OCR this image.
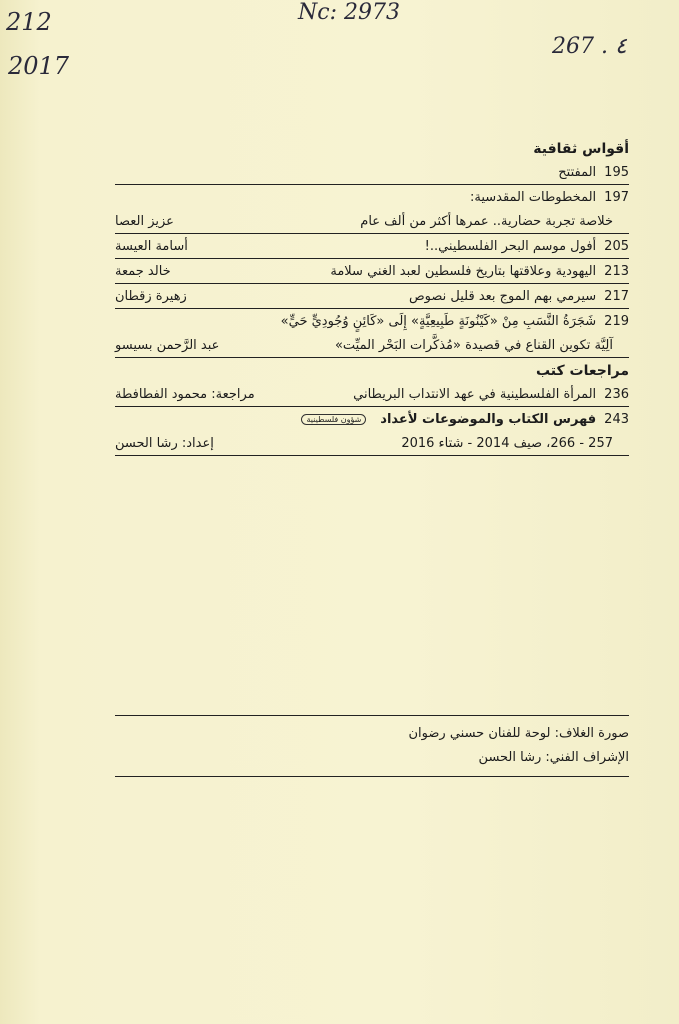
212
2017
Nc: 2973
267 . ٤
أقواس ثقافية
195
المفتتح
197
المخطوطات المقدسية:
خلاصة تجربة حضارية.. عمرها أكثر من ألف عام
عزيز العصا
205
أفول موسم البحر الفلسطيني..!
أسامة العيسة
213
اليهودية وعلاقتها بتاريخ فلسطين لعبد الغني سلامة
خالد جمعة
217
سيرمي بهم الموج بعد قليل نصوص
زهيرة زقطان
219
شَجَرَةُ النَّسَبِ مِنْ «كَيْنُونَةٍ طَبِيعِيَّةٍ» إِلَى «كَائِنٍ وُجُودِيٍّ حَيٍّ»
آلِيَّة تكوين القناع في قصيدة «مُذكَّرات البَحْر الميِّت»
عبد الرَّحمن بسيسو
مراجعات كتب
236
المرأة الفلسطينية في عهد الانتداب البريطاني
مراجعة: محمود الفطافطة
243
فهرس الكتاب والموضوعات لأعداد
شؤون فلسطينية
257 - 266، صيف 2014 - شتاء 2016
إعداد: رشا الحسن
صورة الغلاف: لوحة للفنان حسني رضوان
الإشراف الفني: رشا الحسن
